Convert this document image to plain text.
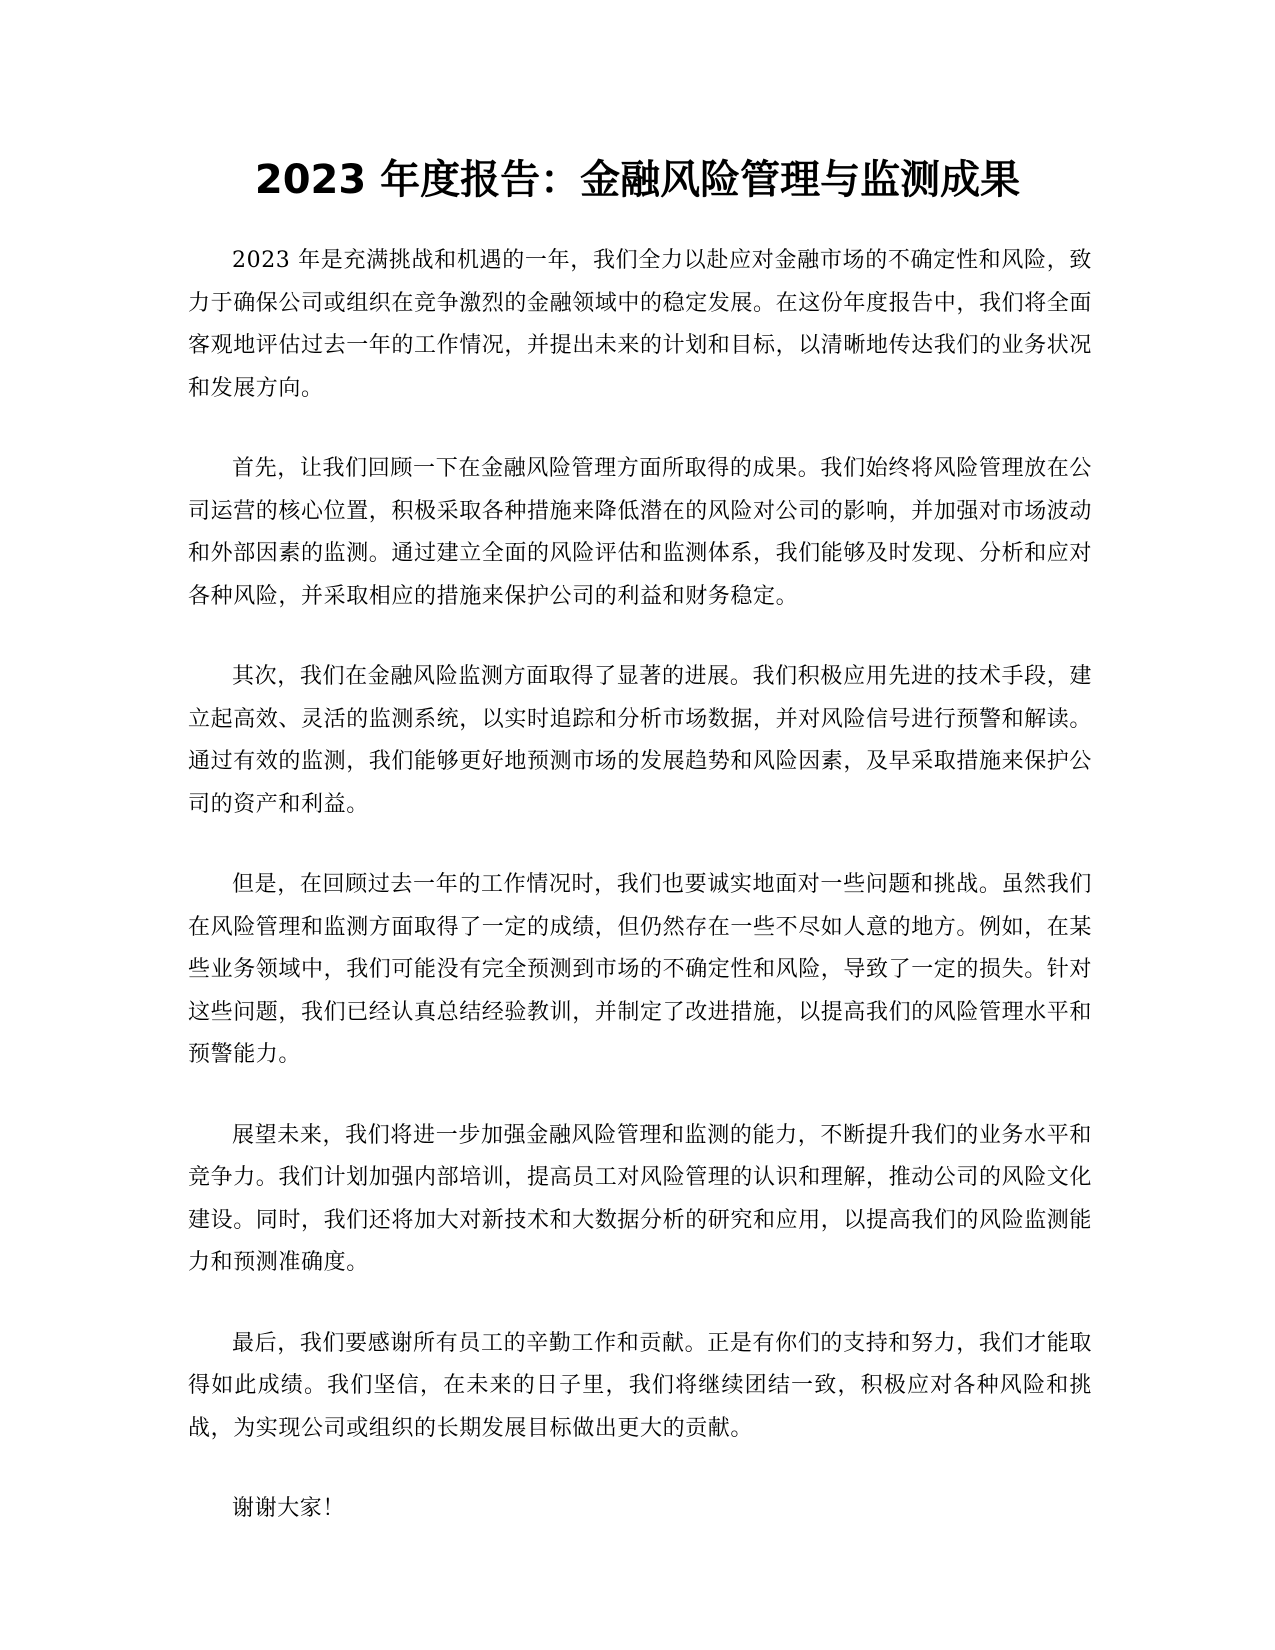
2023 年度报告：金融风险管理与监测成果

2023 年是充满挑战和机遇的一年，我们全力以赴应对金融市场的不确定性和风险，致力于确保公司或组织在竞争激烈的金融领域中的稳定发展。在这份年度报告中，我们将全面客观地评估过去一年的工作情况，并提出未来的计划和目标，以清晰地传达我们的业务状况和发展方向。

首先，让我们回顾一下在金融风险管理方面所取得的成果。我们始终将风险管理放在公司运营的核心位置，积极采取各种措施来降低潜在的风险对公司的影响，并加强对市场波动和外部因素的监测。通过建立全面的风险评估和监测体系，我们能够及时发现、分析和应对各种风险，并采取相应的措施来保护公司的利益和财务稳定。

其次，我们在金融风险监测方面取得了显著的进展。我们积极应用先进的技术手段，建立起高效、灵活的监测系统，以实时追踪和分析市场数据，并对风险信号进行预警和解读。通过有效的监测，我们能够更好地预测市场的发展趋势和风险因素，及早采取措施来保护公司的资产和利益。

但是，在回顾过去一年的工作情况时，我们也要诚实地面对一些问题和挑战。虽然我们在风险管理和监测方面取得了一定的成绩，但仍然存在一些不尽如人意的地方。例如，在某些业务领域中，我们可能没有完全预测到市场的不确定性和风险，导致了一定的损失。针对这些问题，我们已经认真总结经验教训，并制定了改进措施，以提高我们的风险管理水平和预警能力。

展望未来，我们将进一步加强金融风险管理和监测的能力，不断提升我们的业务水平和竞争力。我们计划加强内部培训，提高员工对风险管理的认识和理解，推动公司的风险文化建设。同时，我们还将加大对新技术和大数据分析的研究和应用，以提高我们的风险监测能力和预测准确度。

最后，我们要感谢所有员工的辛勤工作和贡献。正是有你们的支持和努力，我们才能取得如此成绩。我们坚信，在未来的日子里，我们将继续团结一致，积极应对各种风险和挑战，为实现公司或组织的长期发展目标做出更大的贡献。

谢谢大家！
